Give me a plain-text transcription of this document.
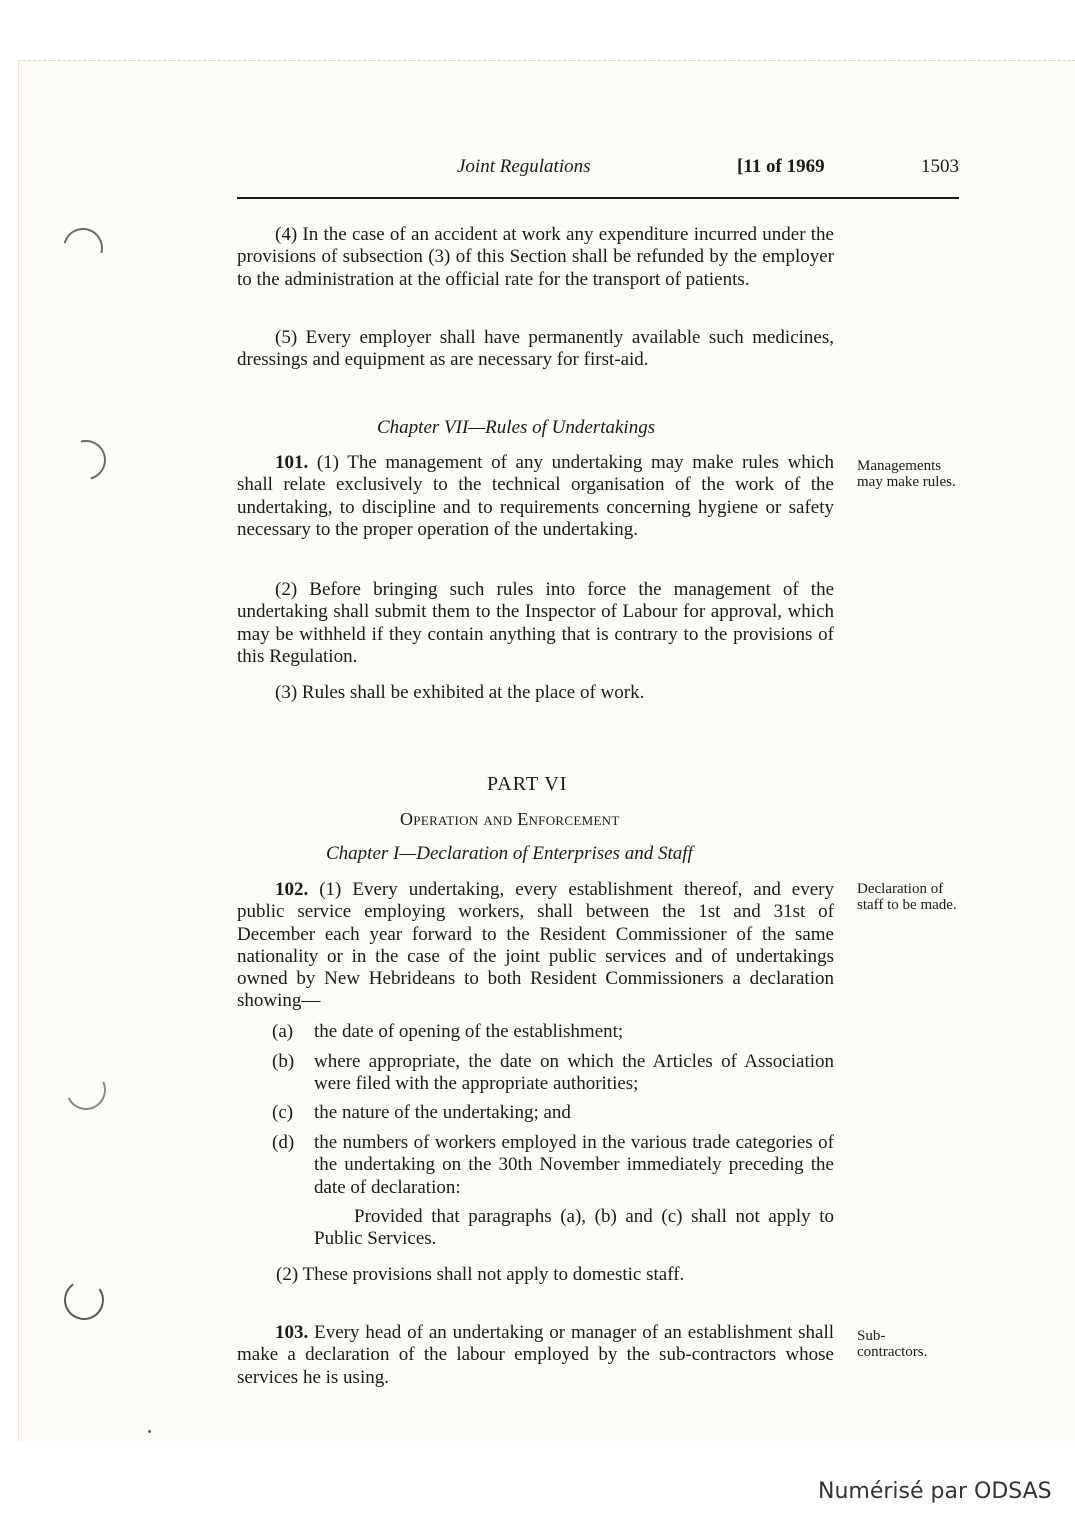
Joint Regulations	[11 of 1969	1503

(4) In the case of an accident at work any expenditure incurred under the provisions of subsection (3) of this Section shall be refunded by the employer to the administration at the official rate for the transport of patients.

(5) Every employer shall have permanently available such medicines, dressings and equipment as are necessary for first-aid.

Chapter VII—Rules of Undertakings

101. (1) The management of any undertaking may make rules which shall relate exclusively to the technical organisation of the work of the undertaking, to discipline and to requirements concerning hygiene or safety necessary to the proper operation of the undertaking.

Managements may make rules.

(2) Before bringing such rules into force the management of the undertaking shall submit them to the Inspector of Labour for approval, which may be withheld if they contain anything that is contrary to the provisions of this Regulation.

(3) Rules shall be exhibited at the place of work.

PART VI

Operation and Enforcement

Chapter I—Declaration of Enterprises and Staff

102. (1) Every undertaking, every establishment thereof, and every public service employing workers, shall between the 1st and 31st of December each year forward to the Resident Commissioner of the same nationality or in the case of the joint public services and of undertakings owned by New Hebrideans to both Resident Commissioners a declaration showing—

Declaration of staff to be made.

(a) the date of opening of the establishment;
(b) where appropriate, the date on which the Articles of Association were filed with the appropriate authorities;
(c) the nature of the undertaking; and
(d) the numbers of workers employed in the various trade categories of the undertaking on the 30th November immediately preceding the date of declaration:

Provided that paragraphs (a), (b) and (c) shall not apply to Public Services.

(2) These provisions shall not apply to domestic staff.

103. Every head of an undertaking or manager of an establishment shall make a declaration of the labour employed by the sub-contractors whose services he is using.

Sub-contractors.

Numérisé par ODSAS
